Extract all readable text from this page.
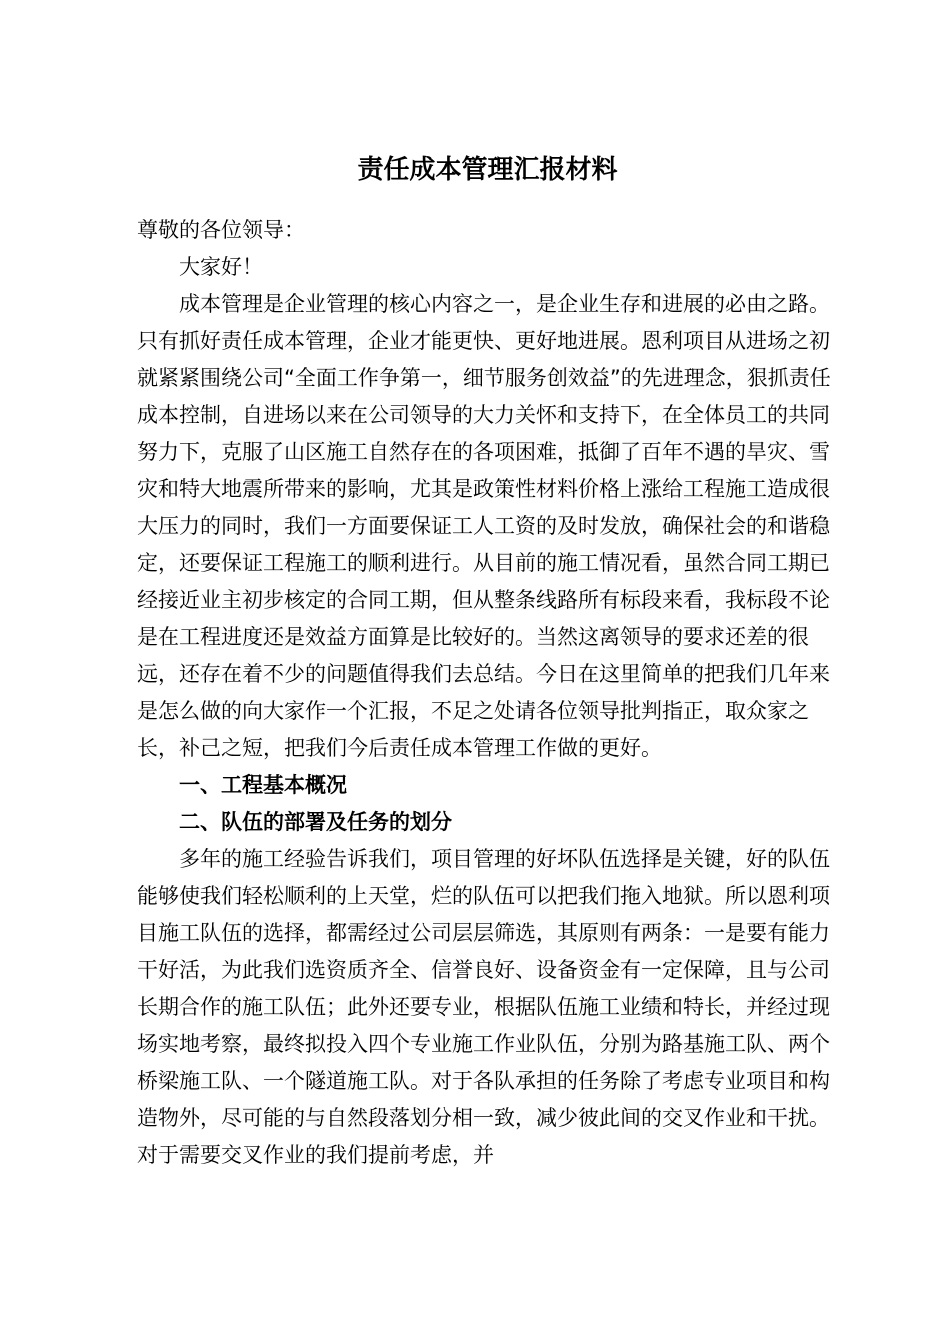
责任成本管理汇报材料

尊敬的各位领导：

大家好！

成本管理是企业管理的核心内容之一，是企业生存和进展的必由之路。只有抓好责任成本管理，企业才能更快、更好地进展。恩利项目从进场之初就紧紧围绕公司“全面工作争第一，细节服务创效益”的先进理念，狠抓责任成本控制，自进场以来在公司领导的大力关怀和支持下，在全体员工的共同努力下，克服了山区施工自然存在的各项困难，抵御了百年不遇的旱灾、雪灾和特大地震所带来的影响，尤其是政策性材料价格上涨给工程施工造成很大压力的同时，我们一方面要保证工人工资的及时发放，确保社会的和谐稳定，还要保证工程施工的顺利进行。从目前的施工情况看，虽然合同工期已经接近业主初步核定的合同工期，但从整条线路所有标段来看，我标段不论是在工程进度还是效益方面算是比较好的。当然这离领导的要求还差的很远，还存在着不少的问题值得我们去总结。今日在这里简单的把我们几年来是怎么做的向大家作一个汇报，不足之处请各位领导批判指正，取众家之长，补己之短，把我们今后责任成本管理工作做的更好。

一、工程基本概况

二、队伍的部署及任务的划分

多年的施工经验告诉我们，项目管理的好坏队伍选择是关键，好的队伍能够使我们轻松顺利的上天堂，烂的队伍可以把我们拖入地狱。所以恩利项目施工队伍的选择，都需经过公司层层筛选，其原则有两条：一是要有能力干好活，为此我们选资质齐全、信誉良好、设备资金有一定保障，且与公司长期合作的施工队伍；此外还要专业，根据队伍施工业绩和特长，并经过现场实地考察，最终拟投入四个专业施工作业队伍，分别为路基施工队、两个桥梁施工队、一个隧道施工队。对于各队承担的任务除了考虑专业项目和构造物外，尽可能的与自然段落划分相一致，减少彼此间的交叉作业和干扰。对于需要交叉作业的我们提前考虑，并
